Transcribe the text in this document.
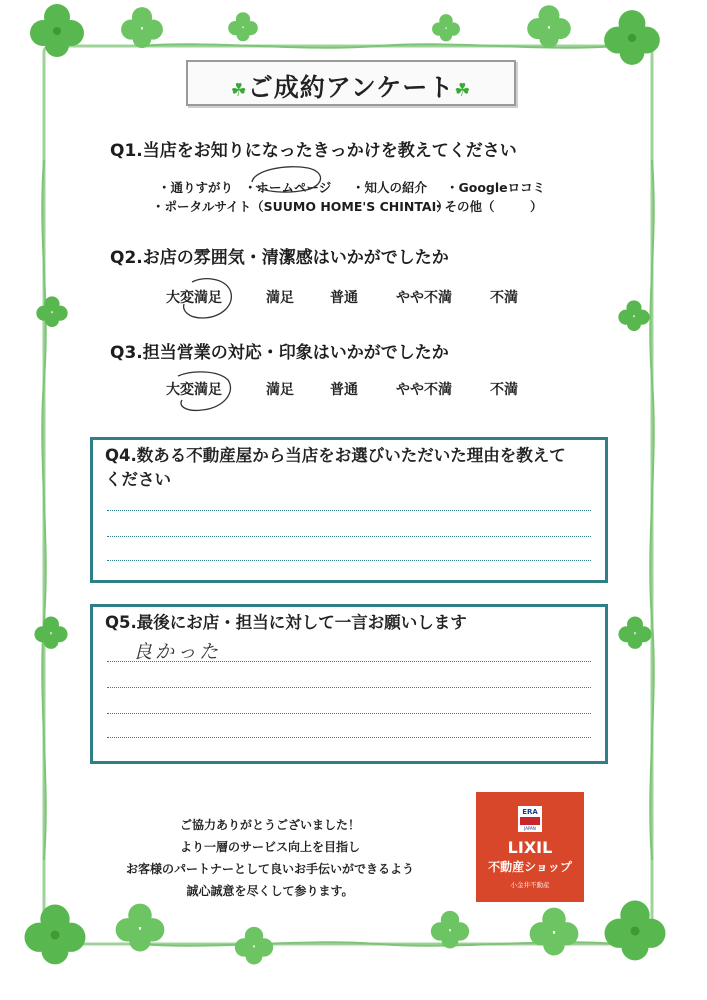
☘ご成約アンケート☘
Q1.当店をお知りになったきっかけを教えてください
・通りすがり ・ホームページ ・知人の紹介 ・Googleロコミ
・ポータルサイト（SUUMO HOME'S CHINTAI）
・その他（	）
Q2.お店の雰囲気・清潔感はいかがでしたか
大変満足	満足	普通	やや不満	不満
Q3.担当営業の対応・印象はいかがでしたか
大変満足	満足	普通	やや不満	不満
Q4.数ある不動産屋から当店をお選びいただいた理由を教えて
ください
Q5.最後にお店・担当に対して一言お願いします
良かった
ご協力ありがとうございました！
より一層のサービス向上を目指し
お客様のパートナーとして良いお手伝いができるよう
誠心誠意を尽くして参ります。
ERA
JAPAN
LIXIL
不動産ショップ
小金井不動産
